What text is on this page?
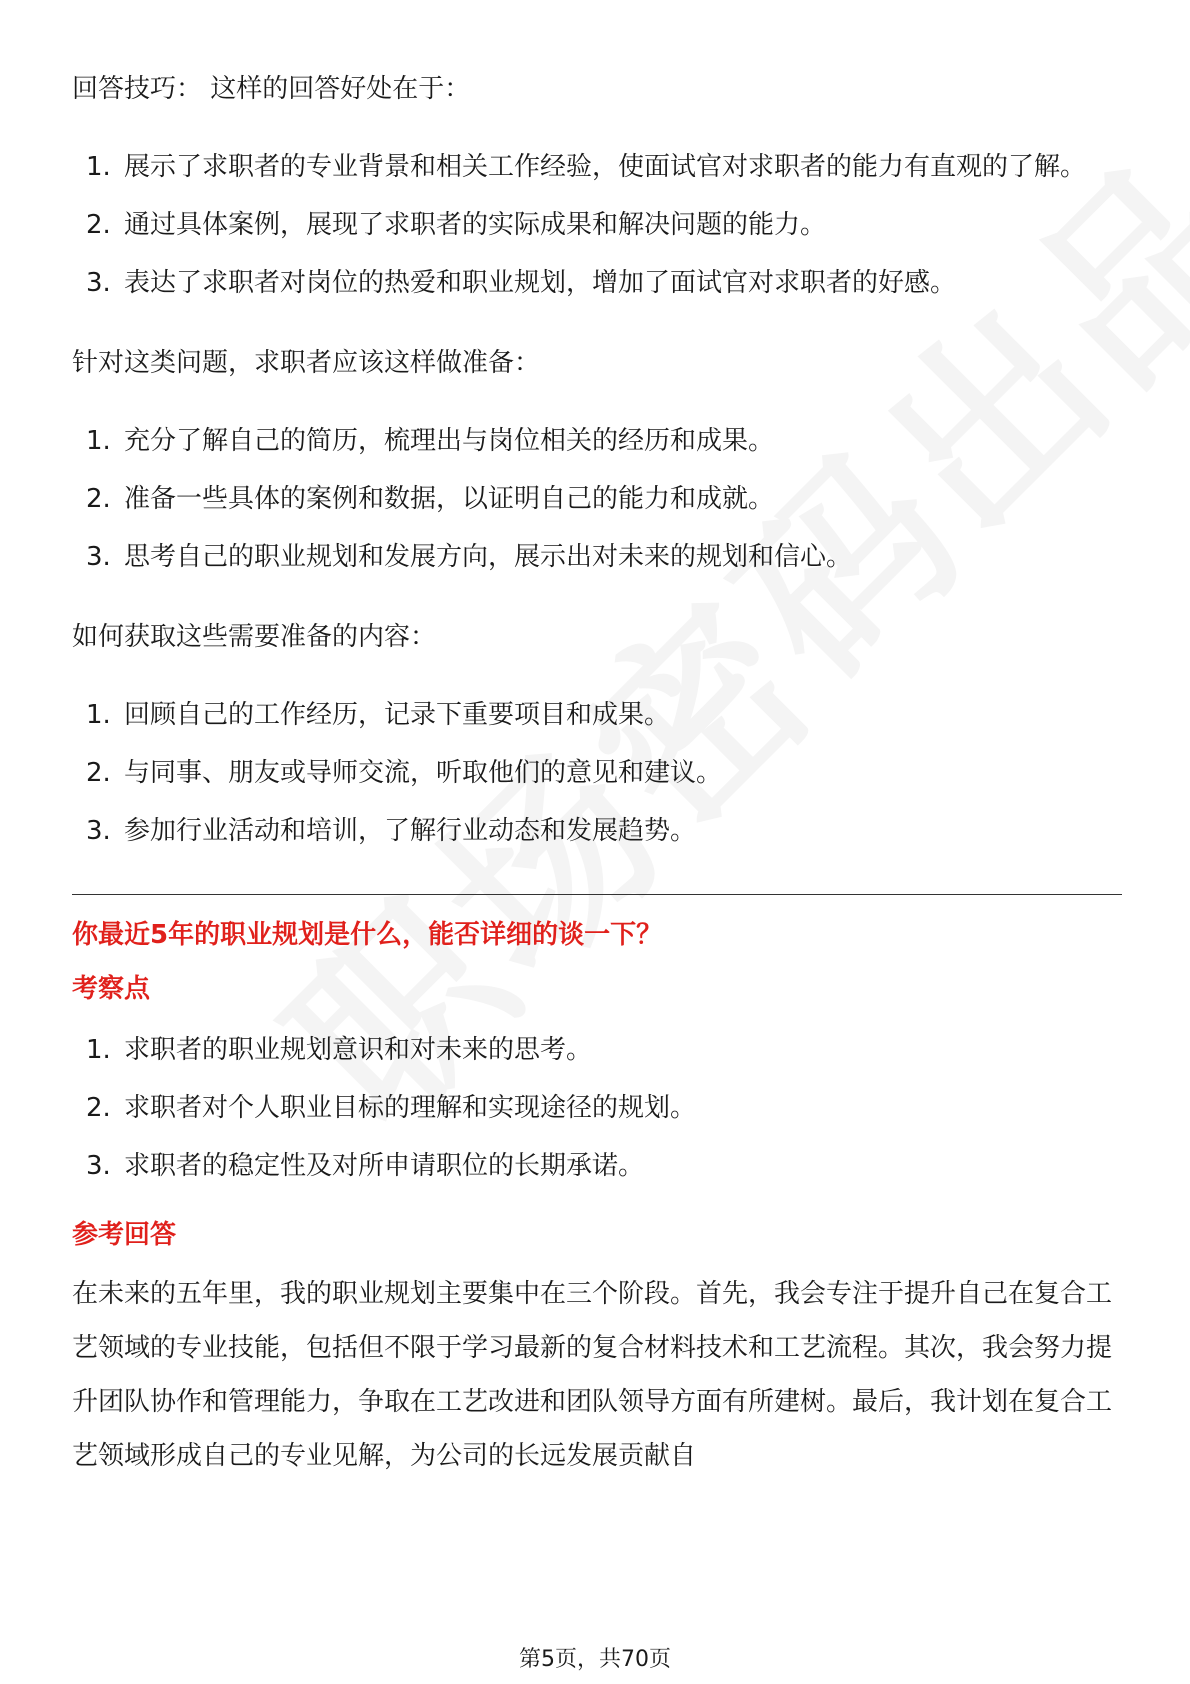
回答技巧： 这样的回答好处在于：

1. 展示了求职者的专业背景和相关工作经验，使面试官对求职者的能力有直观的了解。
2. 通过具体案例，展现了求职者的实际成果和解决问题的能力。
3. 表达了求职者对岗位的热爱和职业规划，增加了面试官对求职者的好感。

针对这类问题，求职者应该这样做准备：

1. 充分了解自己的简历，梳理出与岗位相关的经历和成果。
2. 准备一些具体的案例和数据，以证明自己的能力和成就。
3. 思考自己的职业规划和发展方向，展示出对未来的规划和信心。

如何获取这些需要准备的内容：

1. 回顾自己的工作经历，记录下重要项目和成果。
2. 与同事、朋友或导师交流，听取他们的意见和建议。
3. 参加行业活动和培训，了解行业动态和发展趋势。

你最近5年的职业规划是什么，能否详细的谈一下？

考察点

1. 求职者的职业规划意识和对未来的思考。
2. 求职者对个人职业目标的理解和实现途径的规划。
3. 求职者的稳定性及对所申请职位的长期承诺。

参考回答

在未来的五年里，我的职业规划主要集中在三个阶段。首先，我会专注于提升自己在复合工艺领域的专业技能，包括但不限于学习最新的复合材料技术和工艺流程。其次，我会努力提升团队协作和管理能力，争取在工艺改进和团队领导方面有所建树。最后，我计划在复合工艺领域形成自己的专业见解，为公司的长远发展贡献自

第5页，共70页
